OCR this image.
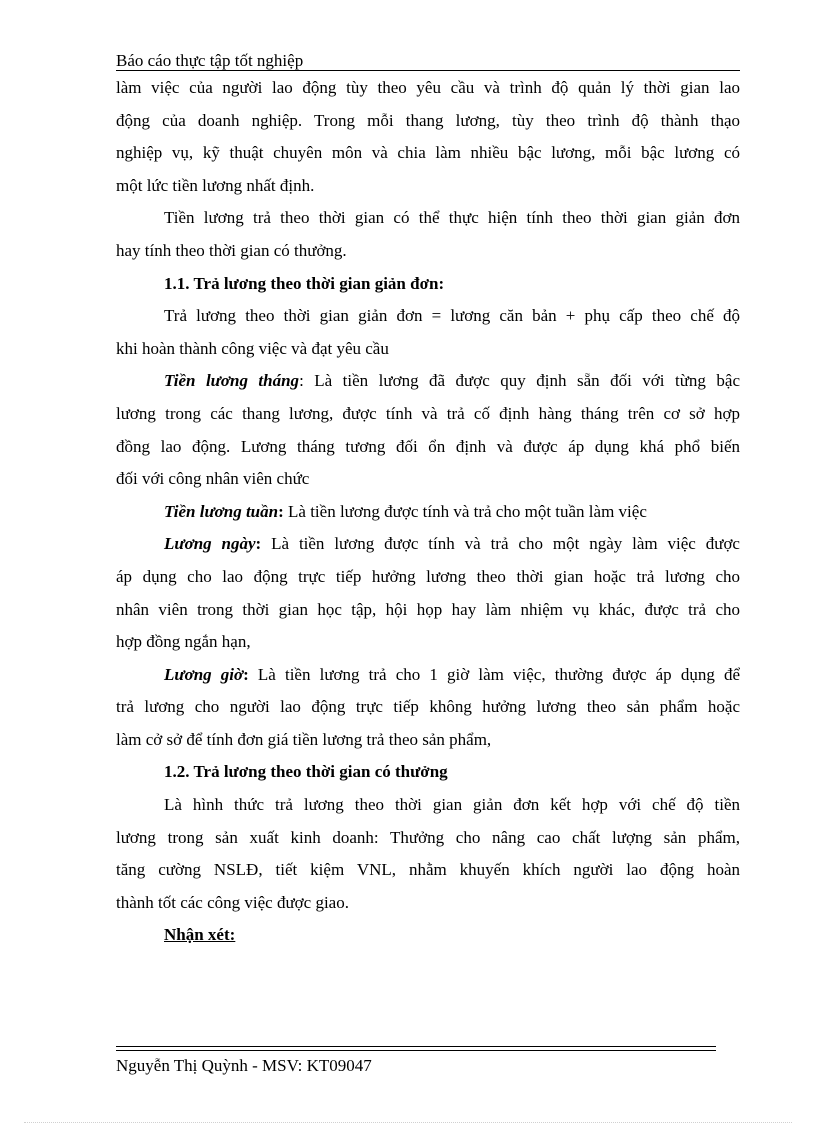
Báo cáo thực tập tốt nghiệp
làm việc của người lao động tùy theo yêu cầu và trình độ quản lý thời gian lao
động của doanh nghiệp. Trong mỗi thang lương, tùy theo trình độ thành thạo
nghiệp vụ, kỹ thuật chuyên môn và chia làm nhiều bậc lương, mỗi bậc lương có
một lức tiền lương nhất định.
Tiền lương trả theo thời gian có thể thực hiện tính theo thời gian giản đơn
hay tính theo thời gian có thưởng.
1.1. Trả lương theo thời gian giản đơn:
Trả lương theo thời gian giản đơn = lương căn bản + phụ cấp theo chế độ
khi hoàn thành công việc và đạt yêu cầu
Tiền lương tháng: Là tiền lương đã được quy định sẵn đối với từng bậc
lương trong các thang lương, được tính và trả cố định hàng tháng trên cơ sở hợp
đồng lao động. Lương tháng tương đối ổn định và được áp dụng khá phổ biến
đối với công nhân viên chức
Tiền lương tuần: Là tiền lương được tính và trả cho một tuần làm việc
Lương ngày: Là tiền lương được tính và trả cho một ngày làm việc được
áp dụng cho lao động trực tiếp hưởng lương theo thời gian hoặc trả lương cho
nhân viên trong thời gian học tập, hội họp hay làm nhiệm vụ khác, được trả cho
hợp đồng ngắn hạn,
Lương giờ: Là tiền lương trả cho 1 giờ làm việc, thường được áp dụng để
trả lương cho người lao động trực tiếp không hưởng lương theo sản phẩm hoặc
làm cở sở để tính đơn giá tiền lương trả theo sản phẩm,
1.2. Trả lương theo thời gian có thưởng
Là hình thức trả lương theo thời gian giản đơn kết hợp với chế độ tiền
lương trong sản xuất kinh doanh: Thưởng cho nâng cao chất lượng sản phẩm,
tăng cường NSLĐ, tiết kiệm VNL, nhằm khuyến khích người lao động hoàn
thành tốt các công việc được giao.
Nhận xét:
Nguyễn Thị Quỳnh - MSV: KT09047
